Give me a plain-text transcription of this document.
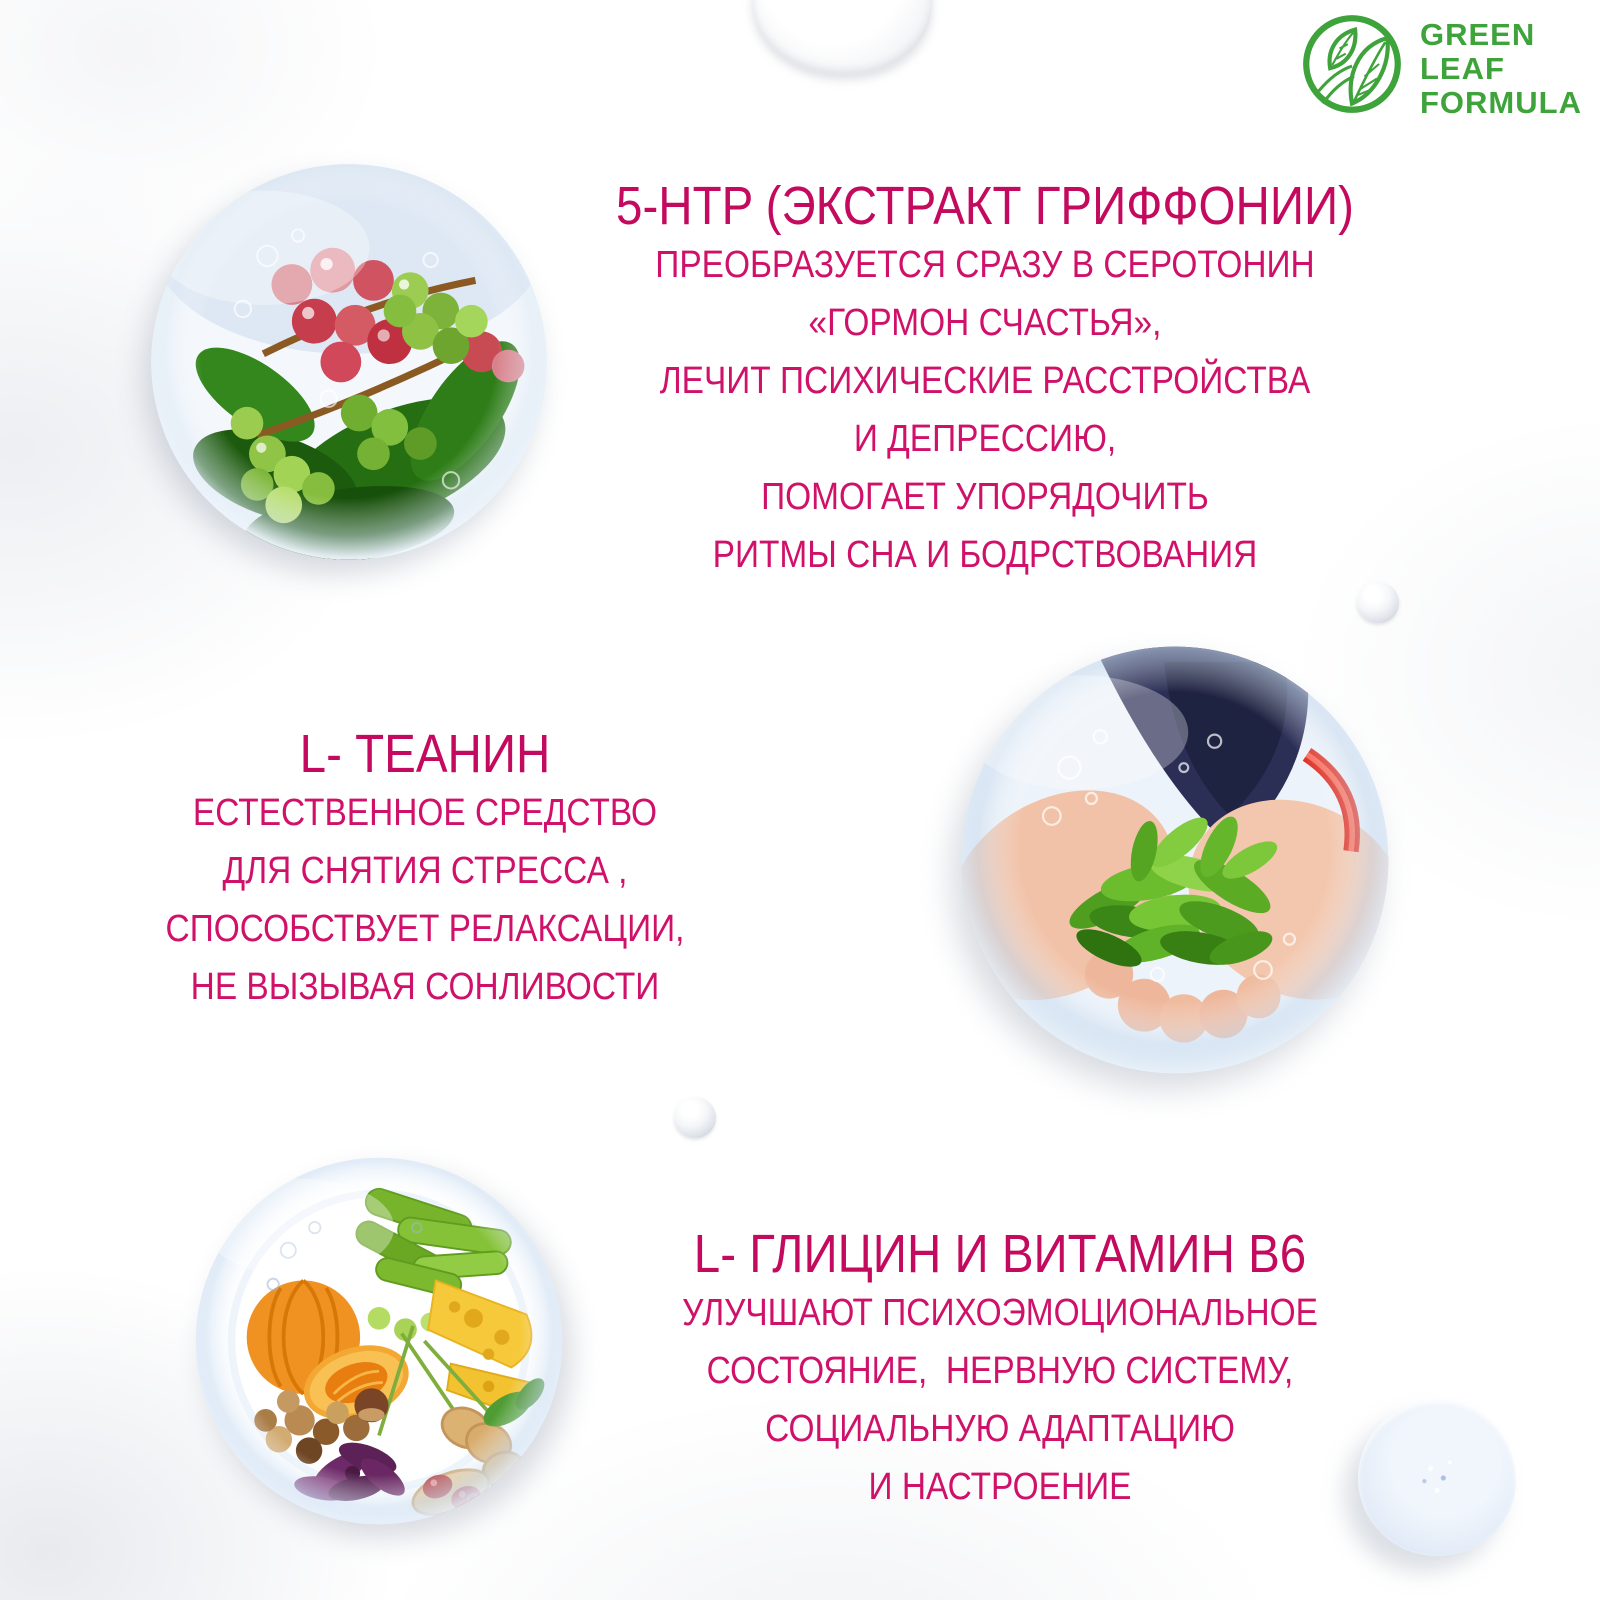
GREEN
LEAF
FORMULA
5-HTP (ЭКСТРАКТ ГРИФФОНИИ)

ПРЕОБРАЗУЕТСЯ СРАЗУ В СЕРОТОНИН

«ГОРМОН СЧАСТЬЯ»,

ЛЕЧИТ ПСИХИЧЕСКИЕ РАССТРОЙСТВА

И ДЕПРЕССИЮ,

ПОМОГАЕТ УПОРЯДОЧИТЬ

РИТМЫ СНА И БОДРСТВОВАНИЯ

L- ТЕАНИН

ЕСТЕСТВЕННОЕ СРЕДСТВО

ДЛЯ СНЯТИЯ СТРЕССА ,

СПОСОБСТВУЕТ РЕЛАКСАЦИИ,

НЕ ВЫЗЫВАЯ СОНЛИВОСТИ

L- ГЛИЦИН И ВИТАМИН B6

УЛУЧШАЮТ ПСИХОЭМОЦИОНАЛЬНОЕ

СОСТОЯНИЕ,  НЕРВНУЮ СИСТЕМУ,

СОЦИАЛЬНУЮ АДАПТАЦИЮ

И НАСТРОЕНИЕ
